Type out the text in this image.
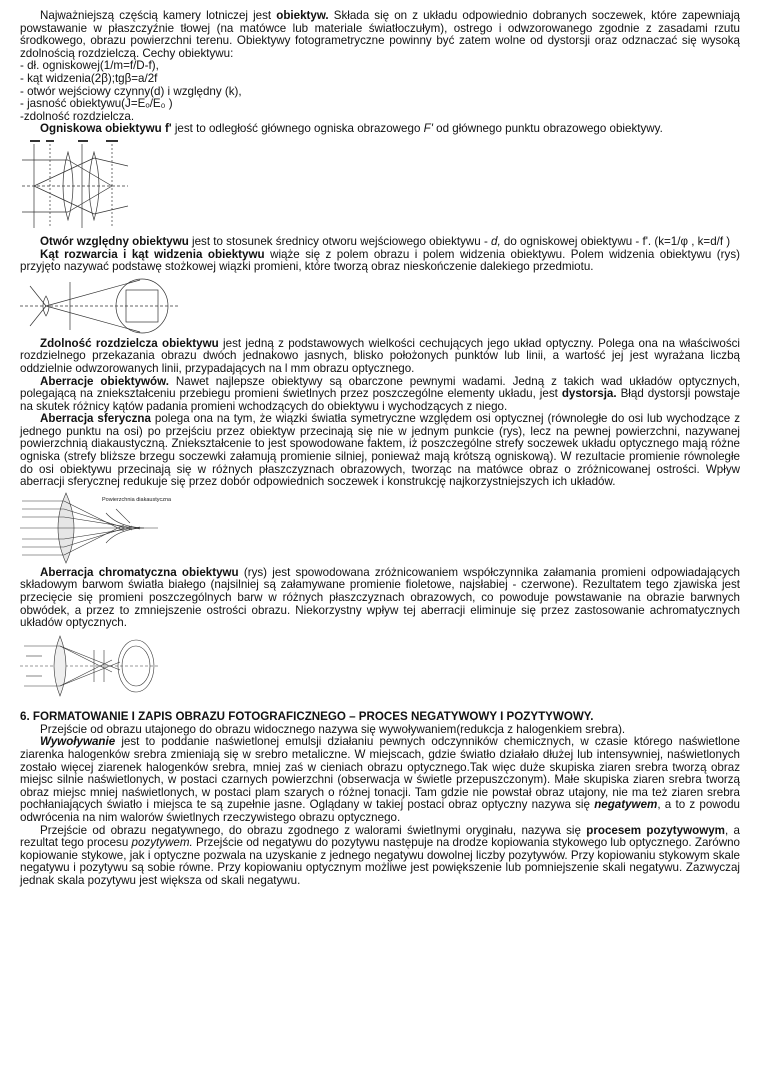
Najważniejszą częścią kamery lotniczej jest obiektyw. Składa się on z układu odpowiednio dobranych soczewek, które zapewniają powstawanie w płaszczyźnie tłowej (na matówce lub materiale światłoczułym), ostrego i odwzorowanego zgodnie z zasadami rzutu środkowego, obrazu powierzchni terenu. Obiektywy fotogrametryczne powinny być zatem wolne od dystorsji oraz odznaczać się wysoką zdolnością rozdzielczą. Cechy obiektywu:

- dł. ogniskowej(1/m=f/D-f),
- kąt widzenia(2β);tgβ=a/2f
- otwór wejściowy czynny(d) i względny (k),
- jasność obiektywu(J=Eₒ/E₀ )
-zdolność rozdzielcza.

Ogniskowa obiektywu f' jest to odległość głównego ogniska obrazowego F' od głównego punktu obrazowego obiektywy.

Otwór względny obiektywu jest to stosunek średnicy otworu wejściowego obiektywu - d, do ogniskowej obiektywu - f'. (k=1/φ , k=d/f )

Kąt rozwarcia i kąt widzenia obiektywu wiąże się z polem obrazu i polem widzenia obiektywu. Polem widzenia obiektywu (rys) przyjęto nazywać podstawę stożkowej wiązki promieni, które tworzą obraz nieskończenie dalekiego przedmiotu.

Zdolność rozdzielcza obiektywu jest jedną z podstawowych wielkości cechujących jego układ optyczny. Polega ona na właściwości rozdzielnego przekazania obrazu dwóch jednakowo jasnych, blisko położonych punktów lub linii, a wartość jej jest wyrażana liczbą oddzielnie odwzorowanych linii, przypadających na l mm obrazu optycznego.

Aberracje obiektywów. Nawet najlepsze obiektywy są obarczone pewnymi wadami. Jedną z takich wad układów optycznych, polegającą na zniekształceniu przebiegu promieni świetlnych przez poszczególne elementy układu, jest dystorsja. Błąd dystorsji powstaje na skutek różnicy kątów padania promieni wchodzących do obiektywu i wychodzących z niego.

Aberracja sferyczna polega ona na tym, że wiązki światła symetryczne względem osi optycznej (równoległe do osi lub wychodzące z jednego punktu na osi) po przejściu przez obiektyw przecinają się nie w jednym punkcie (rys), lecz na pewnej powierzchni, nazywanej powierzchnią diakaustyczną. Zniekształcenie to jest spowodowane faktem, iż poszczególne strefy soczewek układu optycznego mają różne ogniska (strefy bliższe brzegu soczewki załamują promienie silniej, ponieważ mają krótszą ogniskową). W rezultacie promienie równoległe do osi obiektywu przecinają się w różnych płaszczyznach obrazowych, tworząc na matówce obraz o zróżnicowanej ostrości. Wpływ aberracji sferycznej redukuje się przez dobór odpowiednich soczewek i konstrukcję najkorzystniejszych ich układów.

Powierzchnia diakaustyczna

Aberracja chromatyczna obiektywu (rys) jest spowodowana zróżnicowaniem współczynnika załamania promieni odpowiadających składowym barwom światła białego (najsilniej są załamywane promienie fioletowe, najsłabiej - czerwone). Rezultatem tego zjawiska jest przecięcie się promieni poszczególnych barw w różnych płaszczyznach obrazowych, co powoduje powstawanie na obrazie barwnych obwódek, a przez to zmniejszenie ostrości obrazu. Niekorzystny wpływ tej aberracji eliminuje się przez zastosowanie achromatycznych układów optycznych.

6. FORMATOWANIE I ZAPIS OBRAZU FOTOGRAFICZNEGO – PROCES NEGATYWOWY I POZYTYWOWY.

Przejście od obrazu utajonego do obrazu widocznego nazywa się wywoływaniem(redukcja z halogenkiem srebra).

Wywoływanie jest to poddanie naświetlonej emulsji działaniu pewnych odczynników chemicznych, w czasie którego naświetlone ziarenka halogenków srebra zmieniają się w srebro metaliczne. W miejscach, gdzie światło działało dłużej lub intensywniej, naświetlonych zostało więcej ziarenek halogenków srebra, mniej zaś w cieniach obrazu optycznego.Tak więc duże skupiska ziaren srebra tworzą obraz miejsc silnie naświetlonych, w postaci czarnych powierzchni (obserwacja w świetle przepuszczonym). Małe skupiska ziaren srebra tworzą obraz miejsc mniej naświetlonych, w postaci plam szarych o różnej tonacji. Tam gdzie nie powstał obraz utajony, nie ma też ziaren srebra pochłaniających światło i miejsca te są zupełnie jasne. Oglądany w takiej postaci obraz optyczny nazywa się negatywem, a to z powodu odwrócenia na nim walorów świetlnych rzeczywistego obrazu optycznego.

Przejście od obrazu negatywnego, do obrazu zgodnego z walorami świetlnymi oryginału, nazywa się procesem pozytywowym, a rezultat tego procesu pozytywem. Przejście od negatywu do pozytywu następuje na drodze kopiowania stykowego lub optycznego. Zarówno kopiowanie stykowe, jak i optyczne pozwala na uzyskanie z jednego negatywu dowolnej liczby pozytywów. Przy kopiowaniu stykowym skale negatywu i pozytywu są sobie równe. Przy kopiowaniu optycznym możliwe jest powiększenie lub pomniejszenie skali negatywu. Zazwyczaj jednak skala pozytywu jest większa od skali negatywu.
